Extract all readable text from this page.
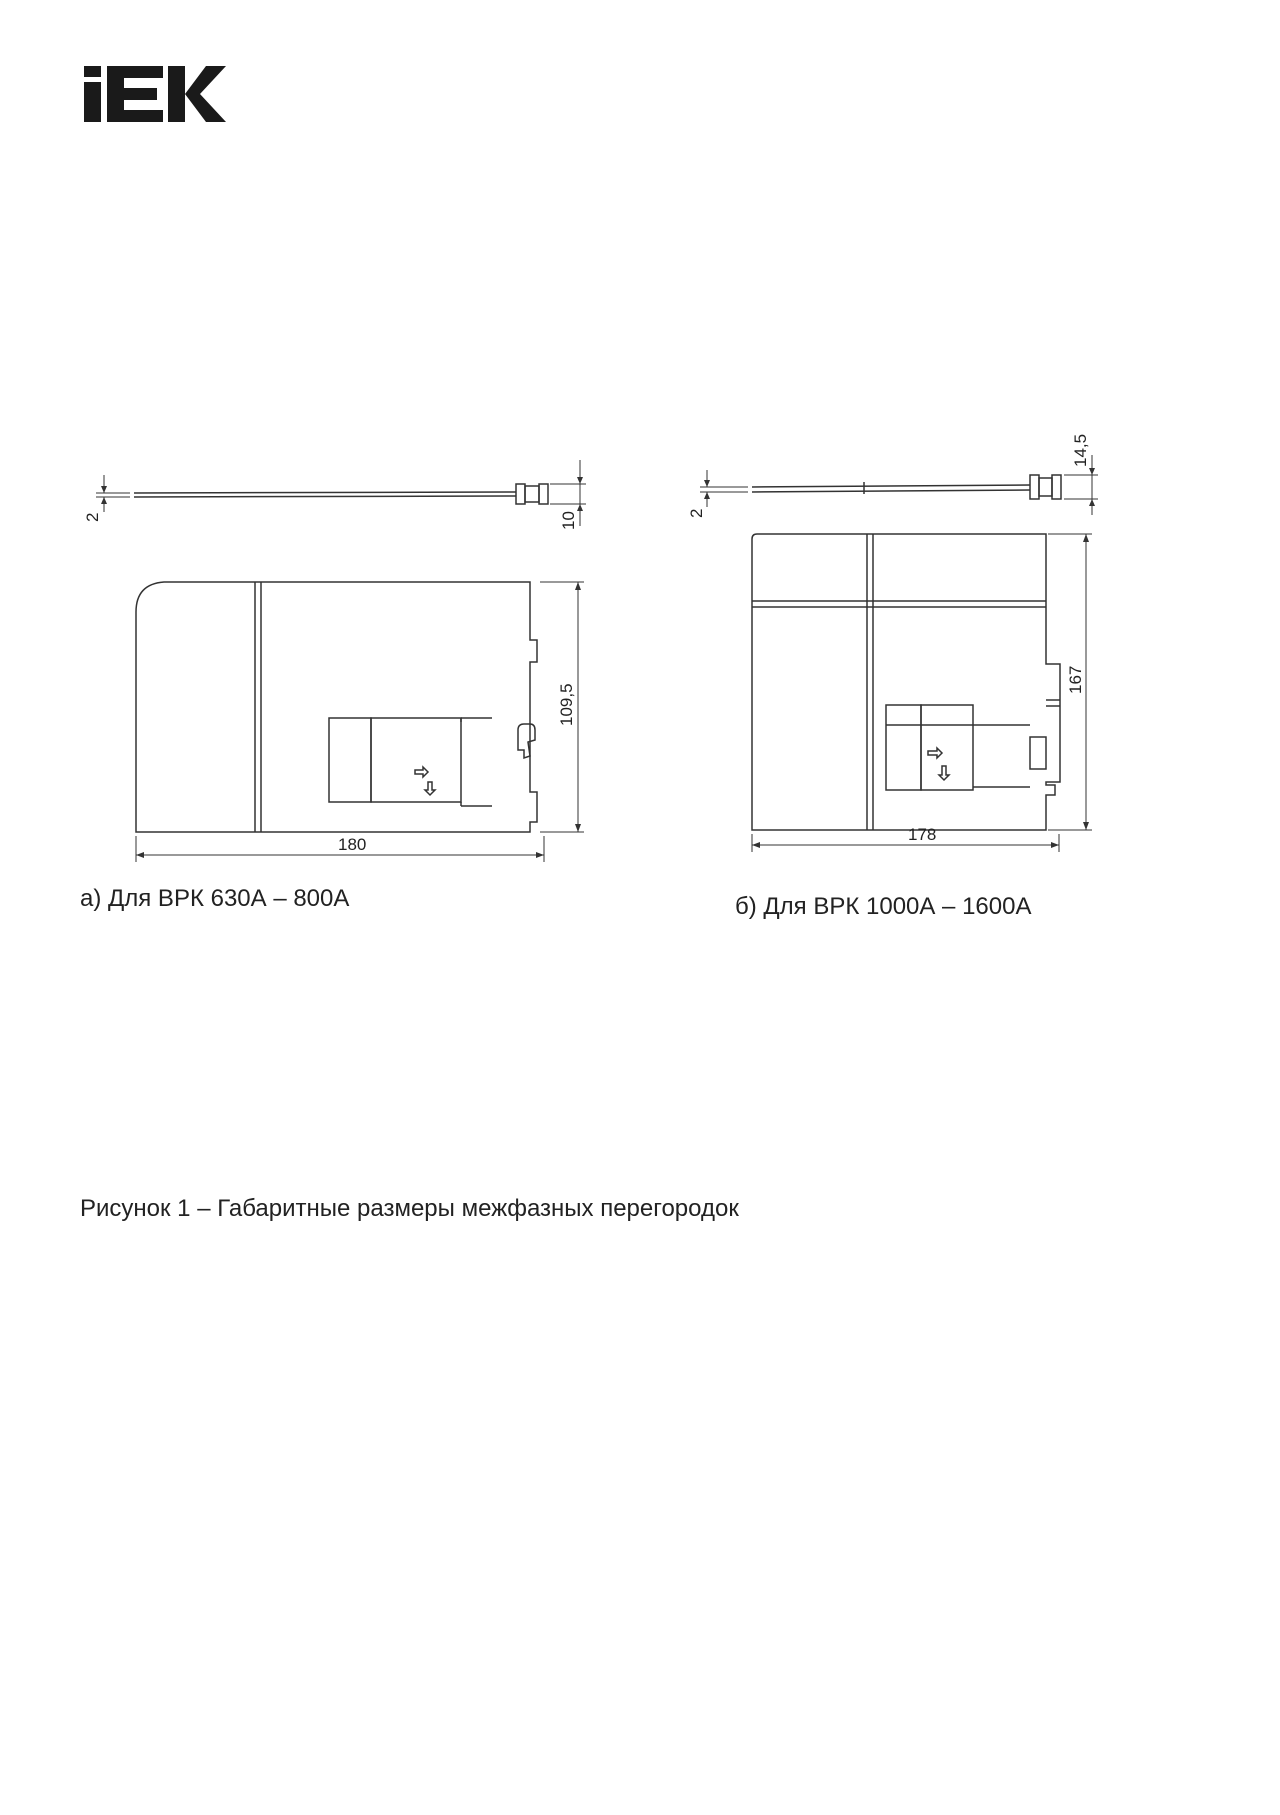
2	10
109,5
180
2
14,5
167
178
а) Для ВРК 630А – 800А	б) Для ВРК 1000А – 1600А
Рисунок 1 – Габаритные размеры межфазных перегородок
